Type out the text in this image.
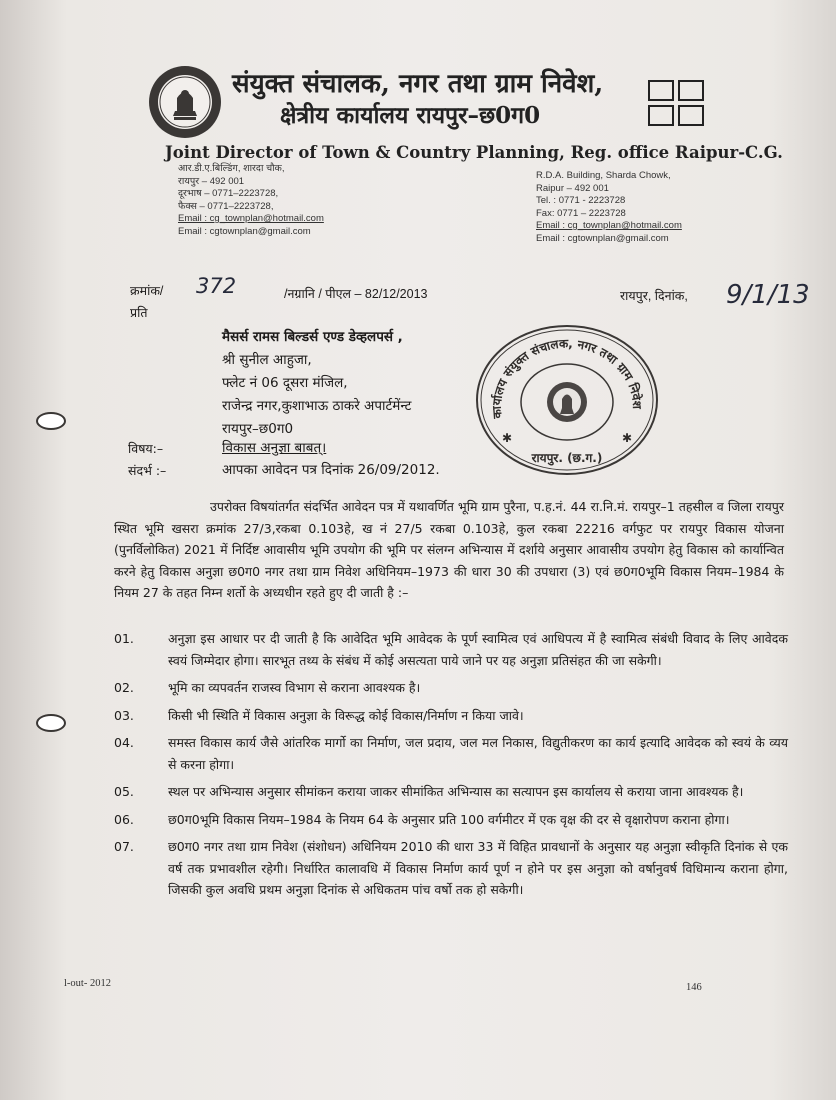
संयुक्त संचालक, नगर तथा ग्राम निवेश,
क्षेत्रीय कार्यालय रायपुर–छ0ग0
Joint Director of Town & Country Planning, Reg. office Raipur-C.G.
आर.डी.ए.बिल्डिंग, शारदा चौक,
रायपुर – 492 001
दूरभाष – 0771–2223728,
फैक्स – 0771–2223728,
Email : cg_townplan@hotmail.com
Email : cgtownplan@gmail.com
R.D.A. Building, Sharda Chowk,
Raipur – 492 001
Tel. : 0771 - 2223728
Fax: 0771 – 2223728
Email : cg_townplan@hotmail.com
Email : cgtownplan@gmail.com
क्रमांक/
प्रति
372	/नग्रानि / पीएल – 82/12/2013	रायपुर, दिनांक, 9/1/13
मैसर्स रामस बिल्डर्स एण्ड डेव्हलपर्स ,
श्री सुनील आहुजा,
फ्लेट नं 06 दूसरा मंजिल,
राजेन्द्र नगर,कुशाभाऊ ठाकरे अपार्टमेंन्ट
रायपुर–छ0ग0
कार्यालय संयुक्त संचालक, नगर तथा ग्राम निवेश
रायपुर. (छ.ग.)
✱	✱
विषय:–	विकास अनुज्ञा बाबत्।
संदर्भ :–	आपका आवेदन पत्र दिनांक 26/09/2012.
उपरोक्त विषयांतर्गत संदर्भित आवेदन पत्र में यथावर्णित भूमि ग्राम पुरैना, प.ह.नं. 44 रा.नि.मं. रायपुर–1 तहसील व जिला रायपुर स्थित भूमि खसरा क्रमांक 27/3,रकबा 0.103हे, ख नं 27/5 रकबा 0.103हे, कुल रकबा 22216 वर्गफुट पर रायपुर विकास योजना (पुनर्विलोकित) 2021 में निर्दिष्ट आवासीय भूमि उपयोग की भूमि पर संलग्न अभिन्यास में दर्शाये अनुसार आवासीय उपयोग हेतु विकास को कार्यान्वित करने हेतु विकास अनुज्ञा छ0ग0 नगर तथा ग्राम निवेश अधिनियम–1973 की धारा 30 की उपधारा (3) एवं छ0ग0भूमि विकास नियम–1984 के नियम 27 के तहत निम्न शर्तो के अध्यधीन रहते हुए दी जाती है :–
01.	अनुज्ञा इस आधार पर दी जाती है कि आवेदित भूमि आवेदक के पूर्ण स्वामित्व एवं आधिपत्य में है स्वामित्व संबंधी विवाद के लिए आवेदक स्वयं जिम्मेदार होगा। सारभूत तथ्य के संबंध में कोई असत्यता पाये जाने पर यह अनुज्ञा प्रतिसंहत की जा सकेगी।
02.	भूमि का व्यपवर्तन राजस्व विभाग से कराना आवश्यक है।
03.	किसी भी स्थिति में विकास अनुज्ञा के विरूद्ध कोई विकास/निर्माण न किया जावे।
04.	समस्त विकास कार्य जैसे आंतरिक मार्गो का निर्माण, जल प्रदाय, जल मल निकास, विद्युतीकरण का कार्य इत्यादि आवेदक को स्वयं के व्यय से करना होगा।
05.	स्थल पर अभिन्यास अनुसार सीमांकन कराया जाकर सीमांकित अभिन्यास का सत्यापन इस कार्यालय से कराया जाना आवश्यक है।
06.	छ0ग0भूमि विकास नियम–1984 के नियम 64 के अनुसार प्रति 100 वर्गमीटर में एक वृक्ष की दर से वृक्षारोपण कराना होगा।
07.	छ0ग0 नगर तथा ग्राम निवेश (संशोधन) अधिनियम 2010 की धारा 33 में विहित प्रावधानों के अनुसार यह अनुज्ञा स्वीकृति दिनांक से एक वर्ष तक प्रभावशील रहेगी। निर्धारित कालावधि में विकास निर्माण कार्य पूर्ण न होने पर इस अनुज्ञा को वर्षानुवर्ष विधिमान्य कराना होगा, जिसकी कुल अवधि प्रथम अनुज्ञा दिनांक से अधिकतम पांच वर्षो तक हो सकेगी।
l-out- 2012	146
